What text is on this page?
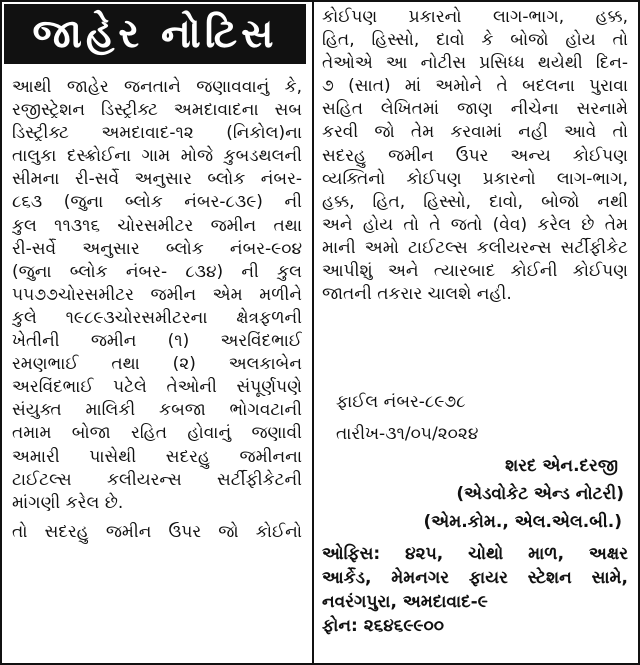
જાહેર નોટિસ
આથી જાહેર જનતાને જણાવવાનું કે,
રજીસ્ટ્રેશન ડિસ્ટ્રીક્ટ અમદાવાદના સબ
ડિસ્ટ્રીક્ટ અમદાવાદ-૧૨ (નિકોલ)ના
તાલુકા દસ્ક્રોઈના ગામ મોજે કુબડથલની
સીમના રી-સર્વે અનુસાર બ્લોક નંબર-
૮૬૩ (જુના બ્લોક નંબર-૮૩૯) ની
કુલ ૧૧૩૧૬ ચોરસમીટર જમીન તથા
રી-સર્વે અનુસાર બ્લોક નંબર-૯૦૪
(જુના બ્લોક નંબર- ૮૩૪) ની કુલ
૫૫૭૭ચોરસમીટર જમીન એમ મળીને
કુલે ૧૯૮૯૩ચોરસમીટરના ક્ષેત્રફળની
ખેતીની જમીન (૧) અરવિંદભાઈ
રમણભાઈ તથા (૨) અલકાબેન
અરવિંદભાઈ પટેલે તેઓની સંપૂર્ણપણે
સંયુક્ત માલિકી કબજા ભોગવટાની
તમામ બોજા રહિત હોવાનું જણાવી
અમારી પાસેથી સદરહુ જમીનના
ટાઈટલ્સ કલીયરન્સ સર્ટીફીકેટની
માંગણી કરેલ છે.
તો સદરહુ જમીન ઉપર જો કોઈનો
કોઈપણ પ્રકારનો લાગ-ભાગ, હક્ક,
હિત, હિસ્સો, દાવો કે બોજો હોય તો
તેઓએ આ નોટીસ પ્રસિધ્ધ થયેથી દિન-
૭ (સાત) માં અમોને તે બદલના પુરાવા
સહિત લેખિતમાં જાણ નીચેના સરનામે
કરવી જો તેમ કરવામાં નહી આવે તો
સદરહુ જમીન ઉપર અન્ય કોઈપણ
વ્યક્તિનો કોઈપણ પ્રકારનો લાગ-ભાગ,
હક્ક, હિત, હિસ્સો, દાવો, બોજો નથી
અને હોય તો તે જતો (વેવ) કરેલ છે તેમ
માની અમો ટાઈટલ્સ કલીયરન્સ સર્ટીફીકેટ
આપીશું અને ત્યારબાદ કોઈની કોઈપણ
જાતની તકરાર ચાલશે નહી.
ફાઈલ નંબર-૮૯૭૮
તારીખ-૩૧/૦૫/૨૦૨૪
શરદ એન.દરજી
(એડવોકેટ એન્ડ નોટરી)
(એમ.કોમ., એલ.એલ.બી.)
ઓફિસ: ૪૨૫, ચોથો માળ, અક્ષર
આર્કેડ, મેમનગર ફાયર સ્ટેશન સામે,
નવરંગપુરા, અમદાવાદ-૯
ફોન: ૨૬૪૬૯૯૦૦
